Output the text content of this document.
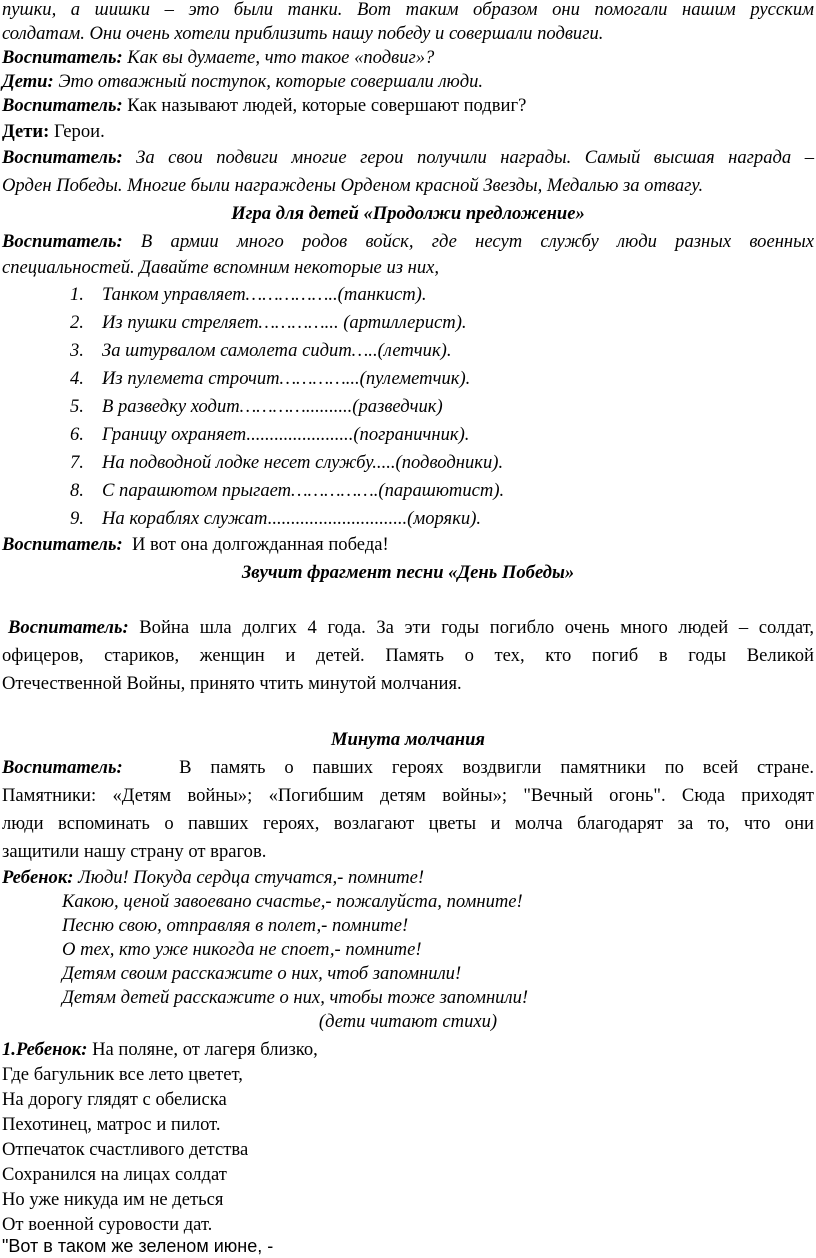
пушки, а шишки – это были танки. Вот таким образом они помогали нашим русским
солдатам. Они очень хотели приблизить нашу победу и совершали подвиги.
Воспитатель: Как вы думаете, что такое «подвиг»?
Дети: Это отважный поступок, которые совершали люди.
Воспитатель: Как называют людей, которые совершают подвиг?
Дети: Герои.
Воспитатель: За свои подвиги многие герои получили награды. Самый высшая награда –
Орден Победы. Многие были награждены Орденом красной Звезды, Медалью за отвагу.
Игра для детей «Продолжи предложение»
Воспитатель: В армии много родов войск, где несут службу люди разных военных
специальностей. Давайте вспомним некоторые из них,
1. Танком управляет……………..(танкист).
2. Из пушки стреляет…………... (артиллерист).
3. За штурвалом самолета сидит…..(летчик).
4. Из пулемета строчит…………...(пулеметчик).
5. В разведку ходит…………..........(разведчик)
6. Границу охраняет.......................(пограничник).
7. На подводной лодке несет службу.....(подводники).
8. С парашютом прыгает…………….(парашютист).
9. На кораблях служат..............................(моряки).
Воспитатель: И вот она долгожданная победа!
Звучит фрагмент песни «День Победы»
Воспитатель: Война шла долгих 4 года. За эти годы погибло очень много людей – солдат,
офицеров, стариков, женщин и детей. Память о тех, кто погиб в годы Великой
Отечественной Войны, принято чтить минутой молчания.
Минута молчания
Воспитатель:	В память о павших героях воздвигли памятники по всей стране.
Памятники: «Детям войны»; «Погибшим детям войны»; "Вечный огонь". Сюда приходят
люди вспоминать о павших героях, возлагают цветы и молча благодарят за то, что они
защитили нашу страну от врагов.
Ребенок: Люди! Покуда сердца стучатся,- помните!
Какою, ценой завоевано счастье,- пожалуйста, помните!
Песню свою, отправляя в полет,- помните!
О тех, кто уже никогда не споет,- помните!
Детям своим расскажите о них, чтоб запомнили!
Детям детей расскажите о них, чтобы тоже запомнили!
(дети читают стихи)
1.Ребенок: На поляне, от лагеря близко,
Где багульник все лето цветет,
На дорогу глядят с обелиска
Пехотинец, матрос и пилот.
Отпечаток счастливого детства
Сохранился на лицах солдат
Но уже никуда им не деться
От военной суровости дат.
"Вот в таком же зеленом июне, -
